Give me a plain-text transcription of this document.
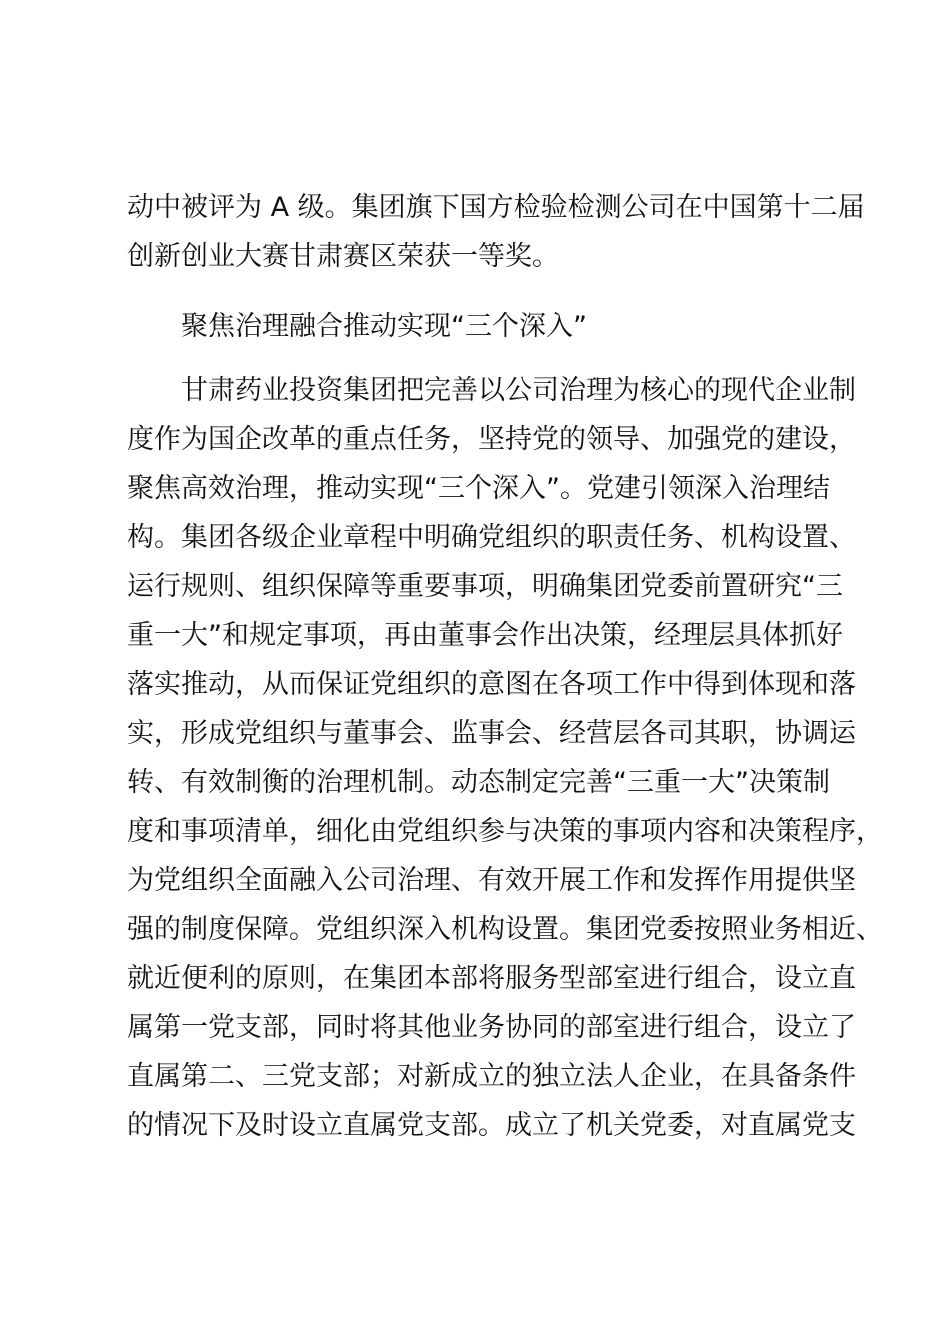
动中被评为 A 级。集团旗下国方检验检测公司在中国第十二届
创新创业大赛甘肃赛区荣获一等奖。
聚焦治理融合推动实现“三个深入”
甘肃药业投资集团把完善以公司治理为核心的现代企业制
度作为国企改革的重点任务，坚持党的领导、加强党的建设，
聚焦高效治理，推动实现“三个深入”。党建引领深入治理结
构。集团各级企业章程中明确党组织的职责任务、机构设置、
运行规则、组织保障等重要事项，明确集团党委前置研究“三
重一大”和规定事项，再由董事会作出决策，经理层具体抓好
落实推动，从而保证党组织的意图在各项工作中得到体现和落
实，形成党组织与董事会、监事会、经营层各司其职，协调运
转、有效制衡的治理机制。动态制定完善“三重一大”决策制
度和事项清单，细化由党组织参与决策的事项内容和决策程序，
为党组织全面融入公司治理、有效开展工作和发挥作用提供坚
强的制度保障。党组织深入机构设置。集团党委按照业务相近、
就近便利的原则，在集团本部将服务型部室进行组合，设立直
属第一党支部，同时将其他业务协同的部室进行组合，设立了
直属第二、三党支部；对新成立的独立法人企业，在具备条件
的情况下及时设立直属党支部。成立了机关党委，对直属党支
